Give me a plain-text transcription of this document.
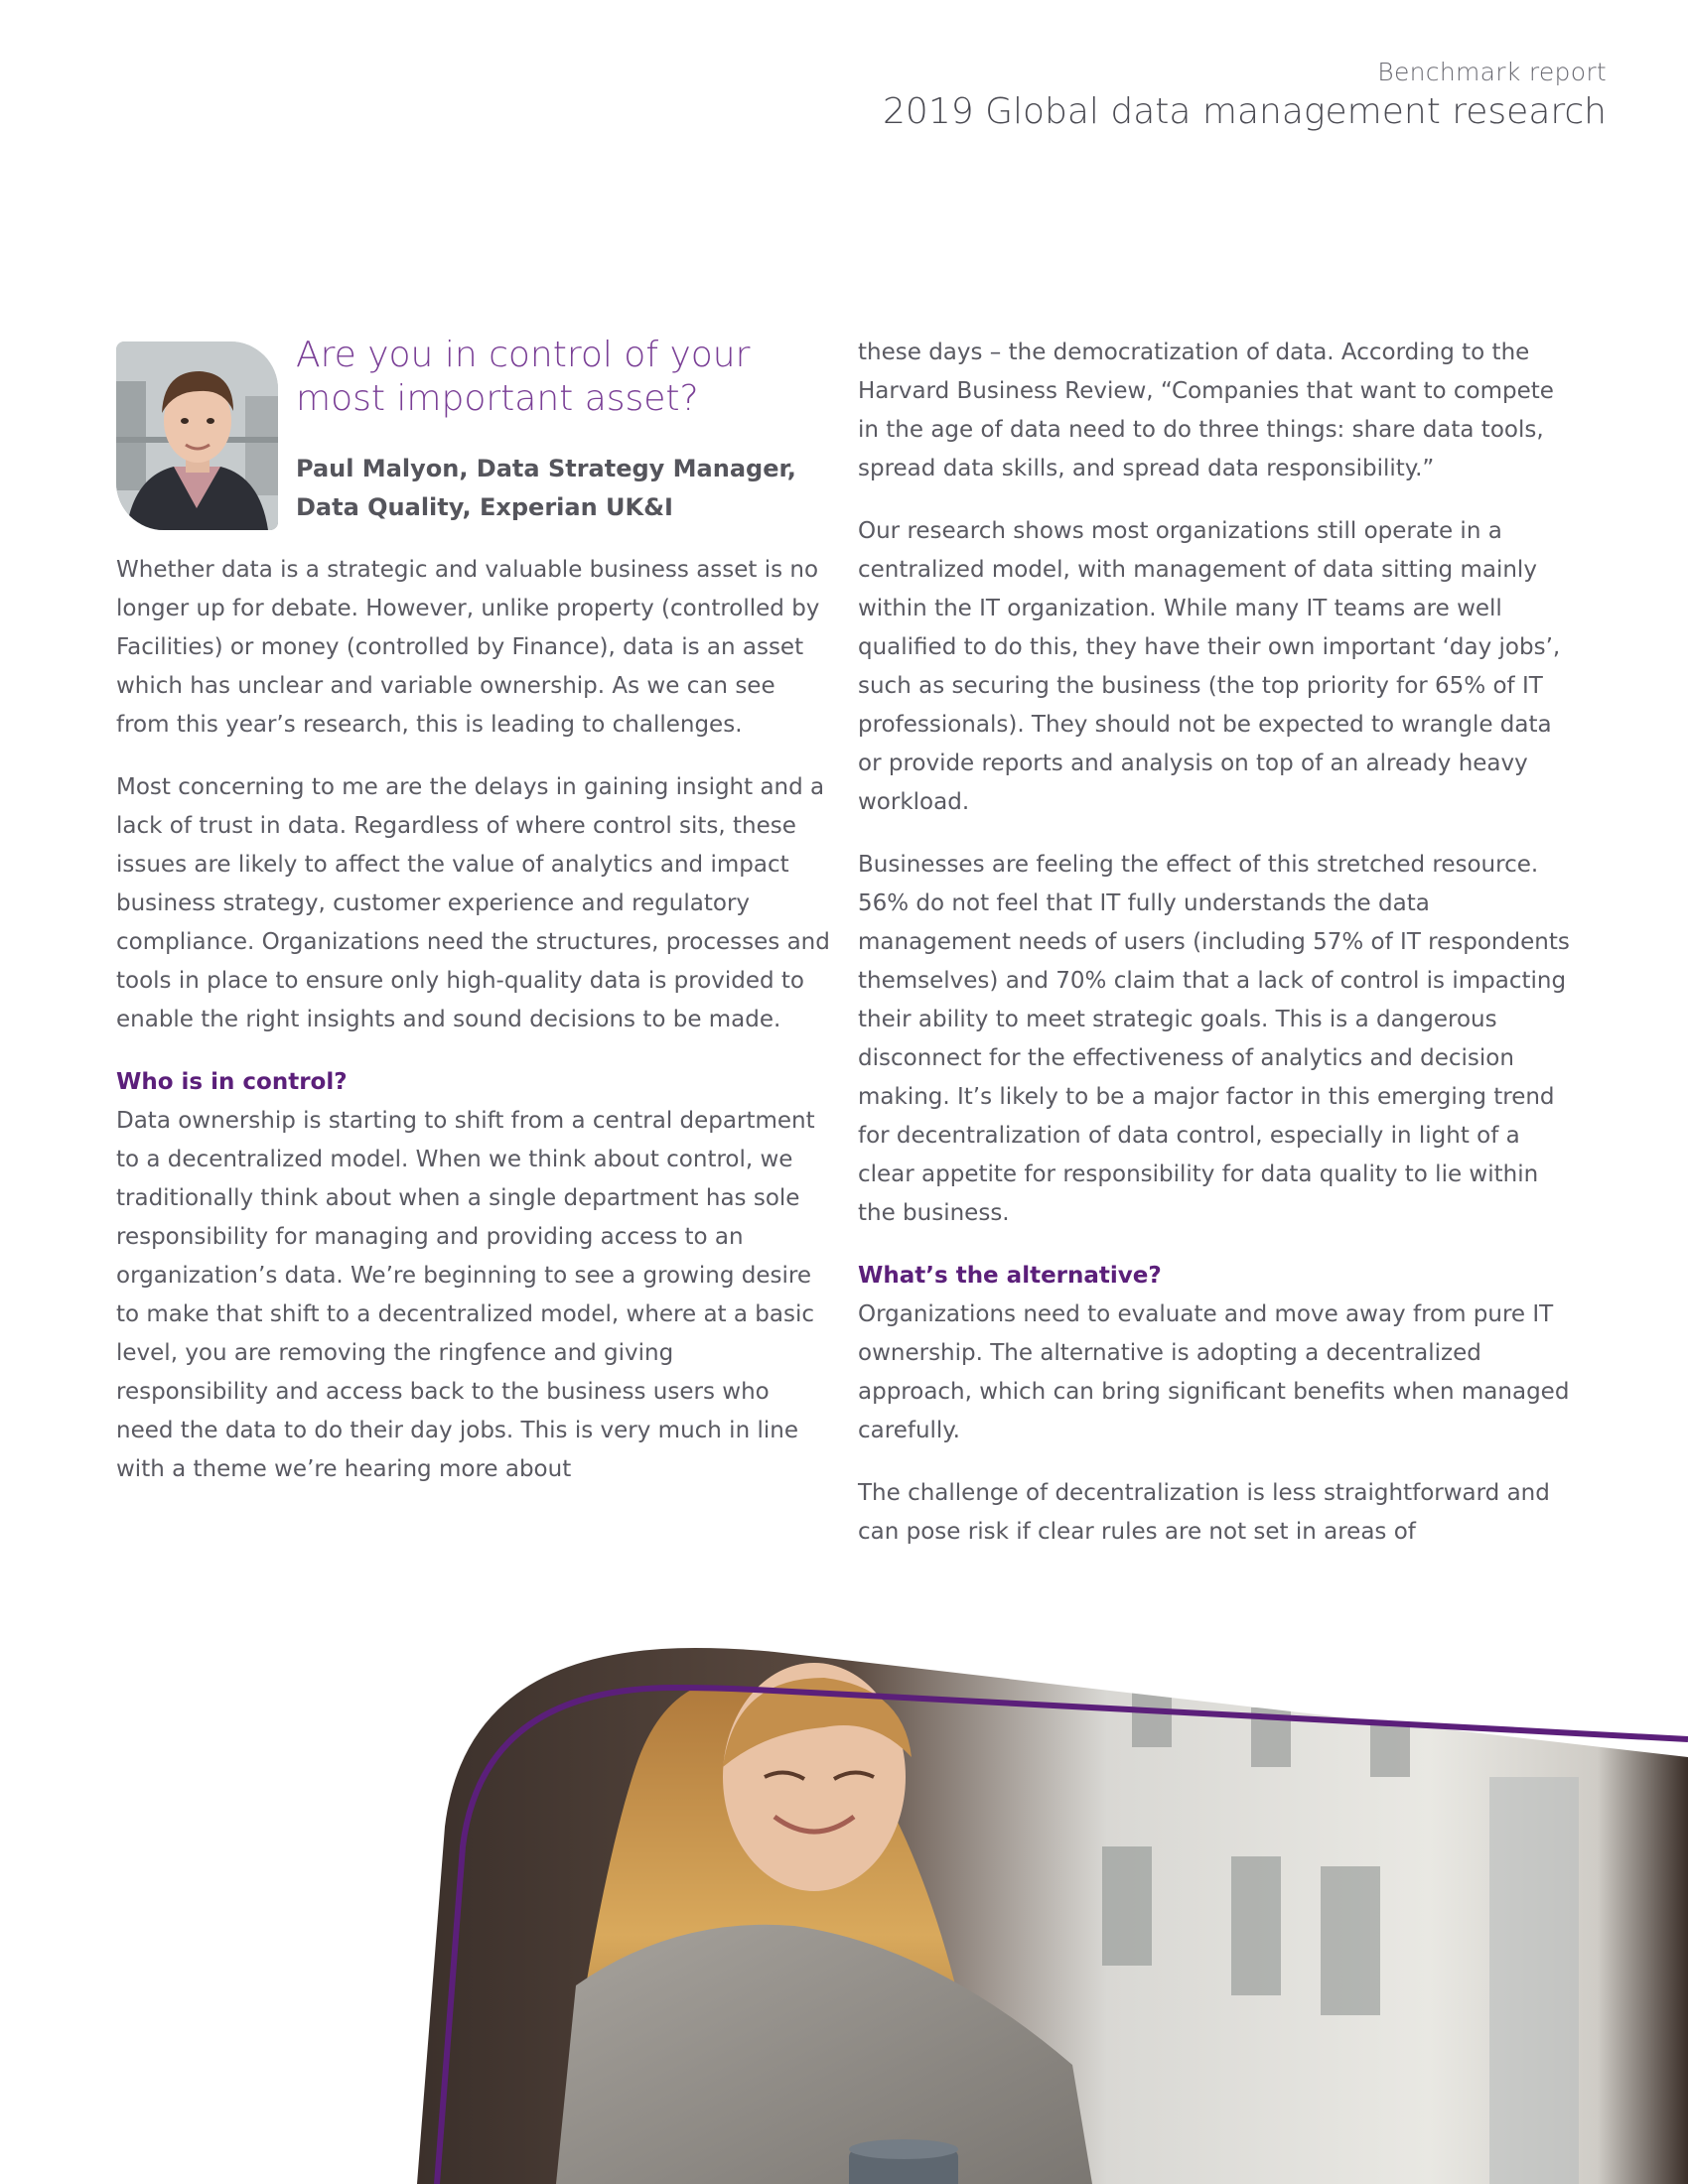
Benchmark report
2019 Global data management research
Are you in control of your most important asset?

Paul Malyon, Data Strategy Manager, Data Quality, Experian UK&I

Whether data is a strategic and valuable business asset is no longer up for debate. However, unlike property (controlled by Facilities) or money (controlled by Finance), data is an asset which has unclear and variable ownership. As we can see from this year’s research, this is leading to challenges.

Most concerning to me are the delays in gaining insight and a lack of trust in data. Regardless of where control sits, these issues are likely to affect the value of analytics and impact business strategy, customer experience and regulatory compliance. Organizations need the structures, processes and tools in place to ensure only high-quality data is provided to enable the right insights and sound decisions to be made.

Who is in control?

Data ownership is starting to shift from a central department to a decentralized model. When we think about control, we traditionally think about when a single department has sole responsibility for managing and providing access to an organization’s data. We’re beginning to see a growing desire to make that shift to a decentralized model, where at a basic level, you are removing the ringfence and giving responsibility and access back to the business users who need the data to do their day jobs. This is very much in line with a theme we’re hearing more about

these days – the democratization of data. According to the Harvard Business Review, “Companies that want to compete in the age of data need to do three things: share data tools, spread data skills, and spread data responsibility.”

Our research shows most organizations still operate in a centralized model, with management of data sitting mainly within the IT organization. While many IT teams are well qualified to do this, they have their own important ‘day jobs’, such as securing the business (the top priority for 65% of IT professionals). They should not be expected to wrangle data or provide reports and analysis on top of an already heavy workload.

Businesses are feeling the effect of this stretched resource. 56% do not feel that IT fully understands the data management needs of users (including 57% of IT respondents themselves) and 70% claim that a lack of control is impacting their ability to meet strategic goals. This is a dangerous disconnect for the effectiveness of analytics and decision making. It’s likely to be a major factor in this emerging trend for decentralization of data control, especially in light of a clear appetite for responsibility for data quality to lie within the business.

What’s the alternative?

Organizations need to evaluate and move away from pure IT ownership. The alternative is adopting a decentralized approach, which can bring significant benefits when managed carefully.

The challenge of decentralization is less straightforward and can pose risk if clear rules are not set in areas of
